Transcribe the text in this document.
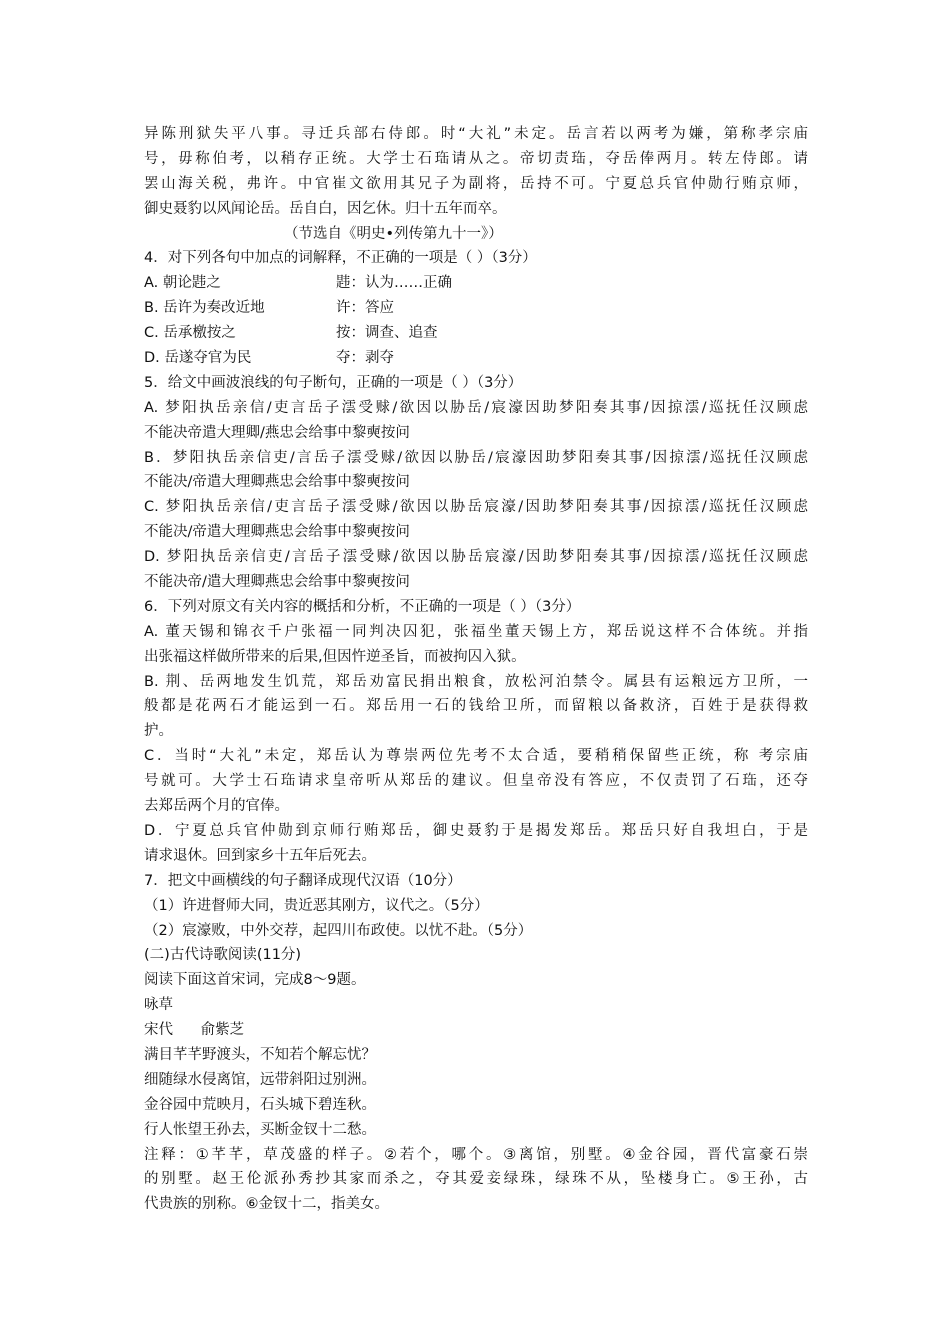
异陈刑狱失平八事。寻迁兵部右侍郎。时“大礼”未定。岳言若以两考为嫌，第称孝宗庙
号，毋称伯考，以稍存正统。大学士石珤请从之。帝切责珤，夺岳俸两月。转左侍郎。请
罢山海关税，弗许。中官崔文欲用其兄子为副将，岳持不可。宁夏总兵官仲勋行贿京师，
御史聂豹以风闻论岳。岳自白，因乞休。归十五年而卒。
（节选自《明史•列传第九十一》）
4．对下列各句中加点的词解释，不正确的一项是（ ）（3分）
A. 朝论韪之	韪：认为……正确
B. 岳许为奏改近地	许：答应
C. 岳承檄按之	按：调查、追查
D. 岳遂夺官为民	夺：剥夺
5．给文中画波浪线的句子断句，正确的一项是（ ）（3分）
A. 梦阳执岳亲信/吏言岳子澐受赇/欲因以胁岳/宸濠因助梦阳奏其事/因掠澐/巡抚任汉顾虑
不能决帝遣大理卿/燕忠会给事中黎奭按问
B．梦阳执岳亲信吏/言岳子澐受赇/欲因以胁岳/宸濠因助梦阳奏其事/因掠澐/巡抚任汉顾虑
不能决/帝遣大理卿燕忠会给事中黎奭按问
C. 梦阳执岳亲信/吏言岳子澐受赇/欲因以胁岳宸濠/因助梦阳奏其事/因掠澐/巡抚任汉顾虑
不能决/帝遣大理卿燕忠会给事中黎奭按问
D. 梦阳执岳亲信吏/言岳子澐受赇/欲因以胁岳宸濠/因助梦阳奏其事/因掠澐/巡抚任汉顾虑
不能决帝/遣大理卿燕忠会给事中黎奭按问
6．下列对原文有关内容的概括和分析，不正确的一项是（ ）（3分）
A. 董天锡和锦衣千户张福一同判决囚犯，张福坐董天锡上方，郑岳说这样不合体统。并指
出张福这样做所带来的后果,但因忤逆圣旨，而被拘囚入狱。
B. 荆、岳两地发生饥荒，郑岳劝富民捐出粮食，放松河泊禁令。属县有运粮远方卫所，一
般都是花两石才能运到一石。郑岳用一石的钱给卫所，而留粮以备救济，百姓于是获得救
护。
C．当时“大礼”未定，郑岳认为尊崇两位先考不太合适，要稍稍保留些正统，称 考宗庙
号就可。大学士石珤请求皇帝听从郑岳的建议。但皇帝没有答应，不仅责罚了石珤，还夺
去郑岳两个月的官俸。
D．宁夏总兵官仲勋到京师行贿郑岳，御史聂豹于是揭发郑岳。郑岳只好自我坦白，于是
请求退休。回到家乡十五年后死去。
7．把文中画横线的句子翻译成现代汉语（10分）
（1）许进督师大同，贵近恶其刚方，议代之。（5分）
（2）宸濠败，中外交荐，起四川布政使。以忧不赴。（5分）
(二)古代诗歌阅读(11分)
阅读下面这首宋词，完成8～9题。
咏草
宋代      俞紫芝
满目芊芊野渡头，不知若个解忘忧？
细随绿水侵离馆，远带斜阳过别洲。
金谷园中荒映月，石头城下碧连秋。
行人怅望王孙去，买断金钗十二愁。
注释：①芊芊，草茂盛的样子。②若个，哪个。③离馆，别墅。④金谷园，晋代富豪石崇
的别墅。赵王伦派孙秀抄其家而杀之，夺其爱妾绿珠，绿珠不从，坠楼身亡。⑤王孙，古
代贵族的别称。⑥金钗十二，指美女。
